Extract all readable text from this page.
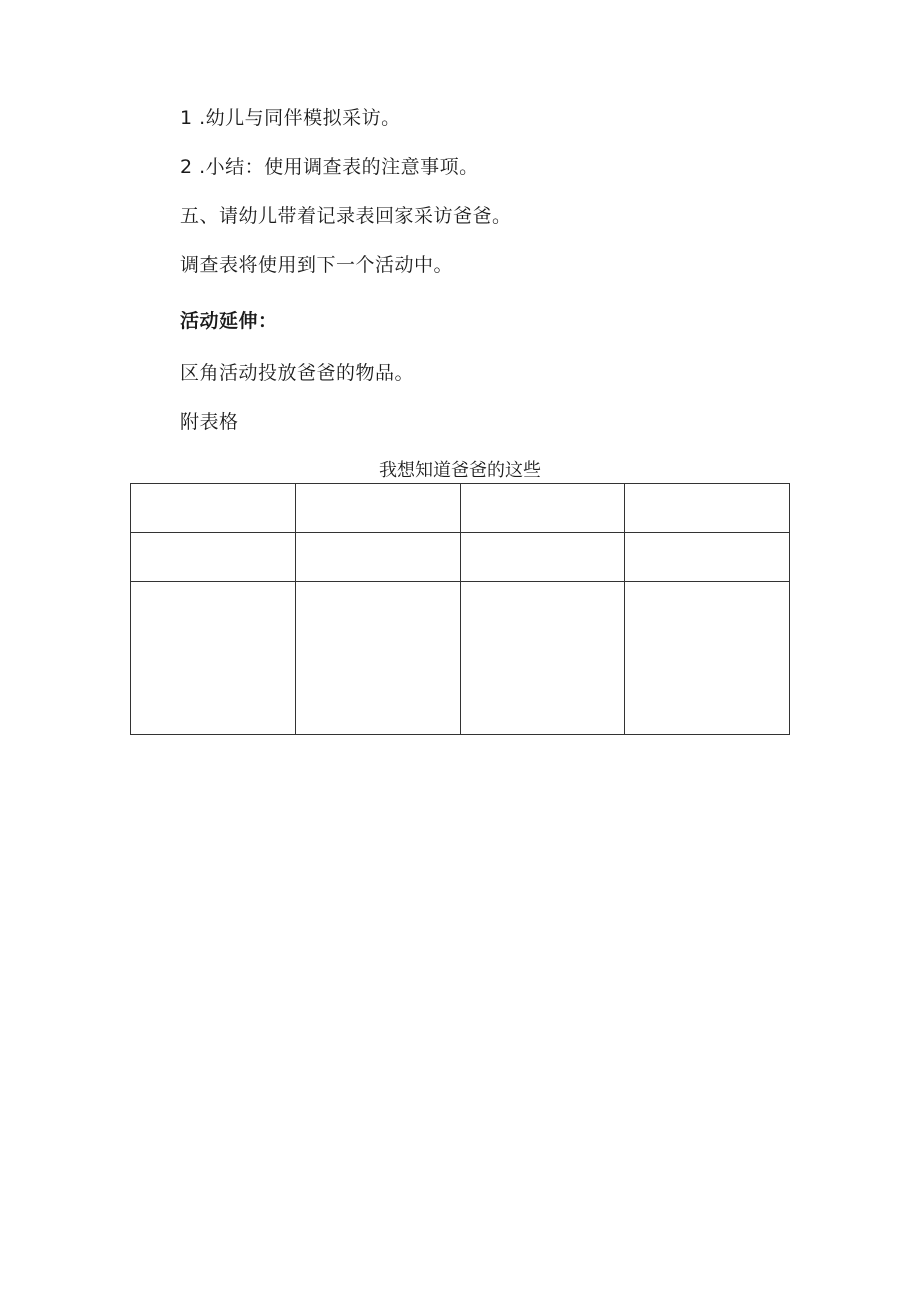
1 .幼儿与同伴模拟采访。
2 .小结：使用调查表的注意事项。
五、请幼儿带着记录表回家采访爸爸。
调查表将使用到下一个活动中。
活动延伸：
区角活动投放爸爸的物品。
附表格
我想知道爸爸的这些
